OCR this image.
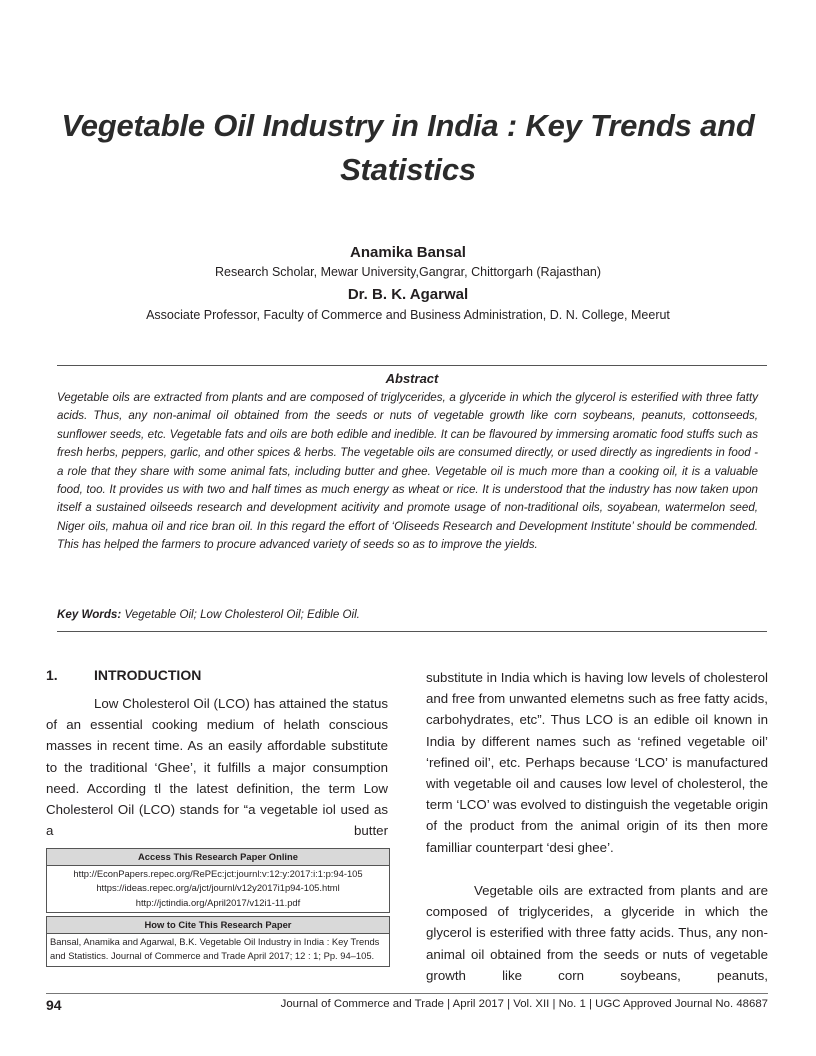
Vegetable Oil Industry in India : Key Trends and Statistics
Anamika Bansal
Research Scholar, Mewar University,Gangrar, Chittorgarh (Rajasthan)
Dr. B. K. Agarwal
Associate Professor, Faculty of Commerce and Business Administration, D. N. College, Meerut
Abstract
Vegetable oils are extracted from plants and are composed of triglycerides, a glyceride in which the glycerol is esterified with three fatty acids. Thus, any non-animal oil obtained from the seeds or nuts of vegetable growth like corn soybeans, peanuts, cottonseeds, sunflower seeds, etc. Vegetable fats and oils are both edible and inedible. It can be flavoured by immersing aromatic food stuffs such as fresh herbs, peppers, garlic, and other spices & herbs. The vegetable oils are consumed directly, or used directly as ingredients in food - a role that they share with some animal fats, including butter and ghee. Vegetable oil is much more than a cooking oil, it is a valuable food, too. It provides us with two and half times as much energy as wheat or rice. It is understood that the industry has now taken upon itself a sustained oilseeds research and development acitivity and promote usage of non-traditional oils, soyabean, watermelon seed, Niger oils, mahua oil and rice bran oil. In this regard the effort of ‘Oliseeds Research and Development Institute’ should be commended. This has helped the farmers to procure advanced variety of seeds so as to improve the yields.
Key Words: Vegetable Oil; Low Cholesterol Oil; Edible Oil.
1.	INTRODUCTION

Low Cholesterol Oil (LCO) has attained the status of an essential cooking medium of helath conscious masses in recent time. As an easily affordable substitute to the traditional ‘Ghee’, it fulfills a major consumption need. According tl the latest definition, the term Low Cholesterol Oil (LCO) stands for “a vegetable iol used as a butter

substitute in India which is having low levels of cholesterol and free from unwanted elemetns such as free fatty acids, carbohydrates, etc”. Thus LCO is an edible oil known in India by different names such as ‘refined vegetable oil’ ‘refined oil’, etc. Perhaps because ‘LCO’ is manufactured with vegetable oil and causes low level of cholesterol, the term ‘LCO’ was evolved to distinguish the vegetable origin of the product from the animal origin of its then more familliar counterpart ‘desi ghee’.

Vegetable oils are extracted from plants and are composed of triglycerides, a glyceride in which the glycerol is esterified with three fatty acids. Thus, any non-animal oil obtained from the seeds or nuts of vegetable growth like corn soybeans, peanuts,

Access This Research Paper Online
http://EconPapers.repec.org/RePEc:jct:journl:v:12:y:2017:i:1:p:94-105
https://ideas.repec.org/a/jct/journl/v12y2017i1p94-105.html
http://jctindia.org/April2017/v12i1-11.pdf
How to Cite This Research Paper
Bansal, Anamika and Agarwal, B.K. Vegetable Oil Industry in India : Key Trends and Statistics. Journal of Commerce and Trade April 2017; 12 : 1; Pp. 94–105.
94	Journal of Commerce and Trade | April 2017 | Vol. XII | No. 1 | UGC Approved Journal No. 48687
